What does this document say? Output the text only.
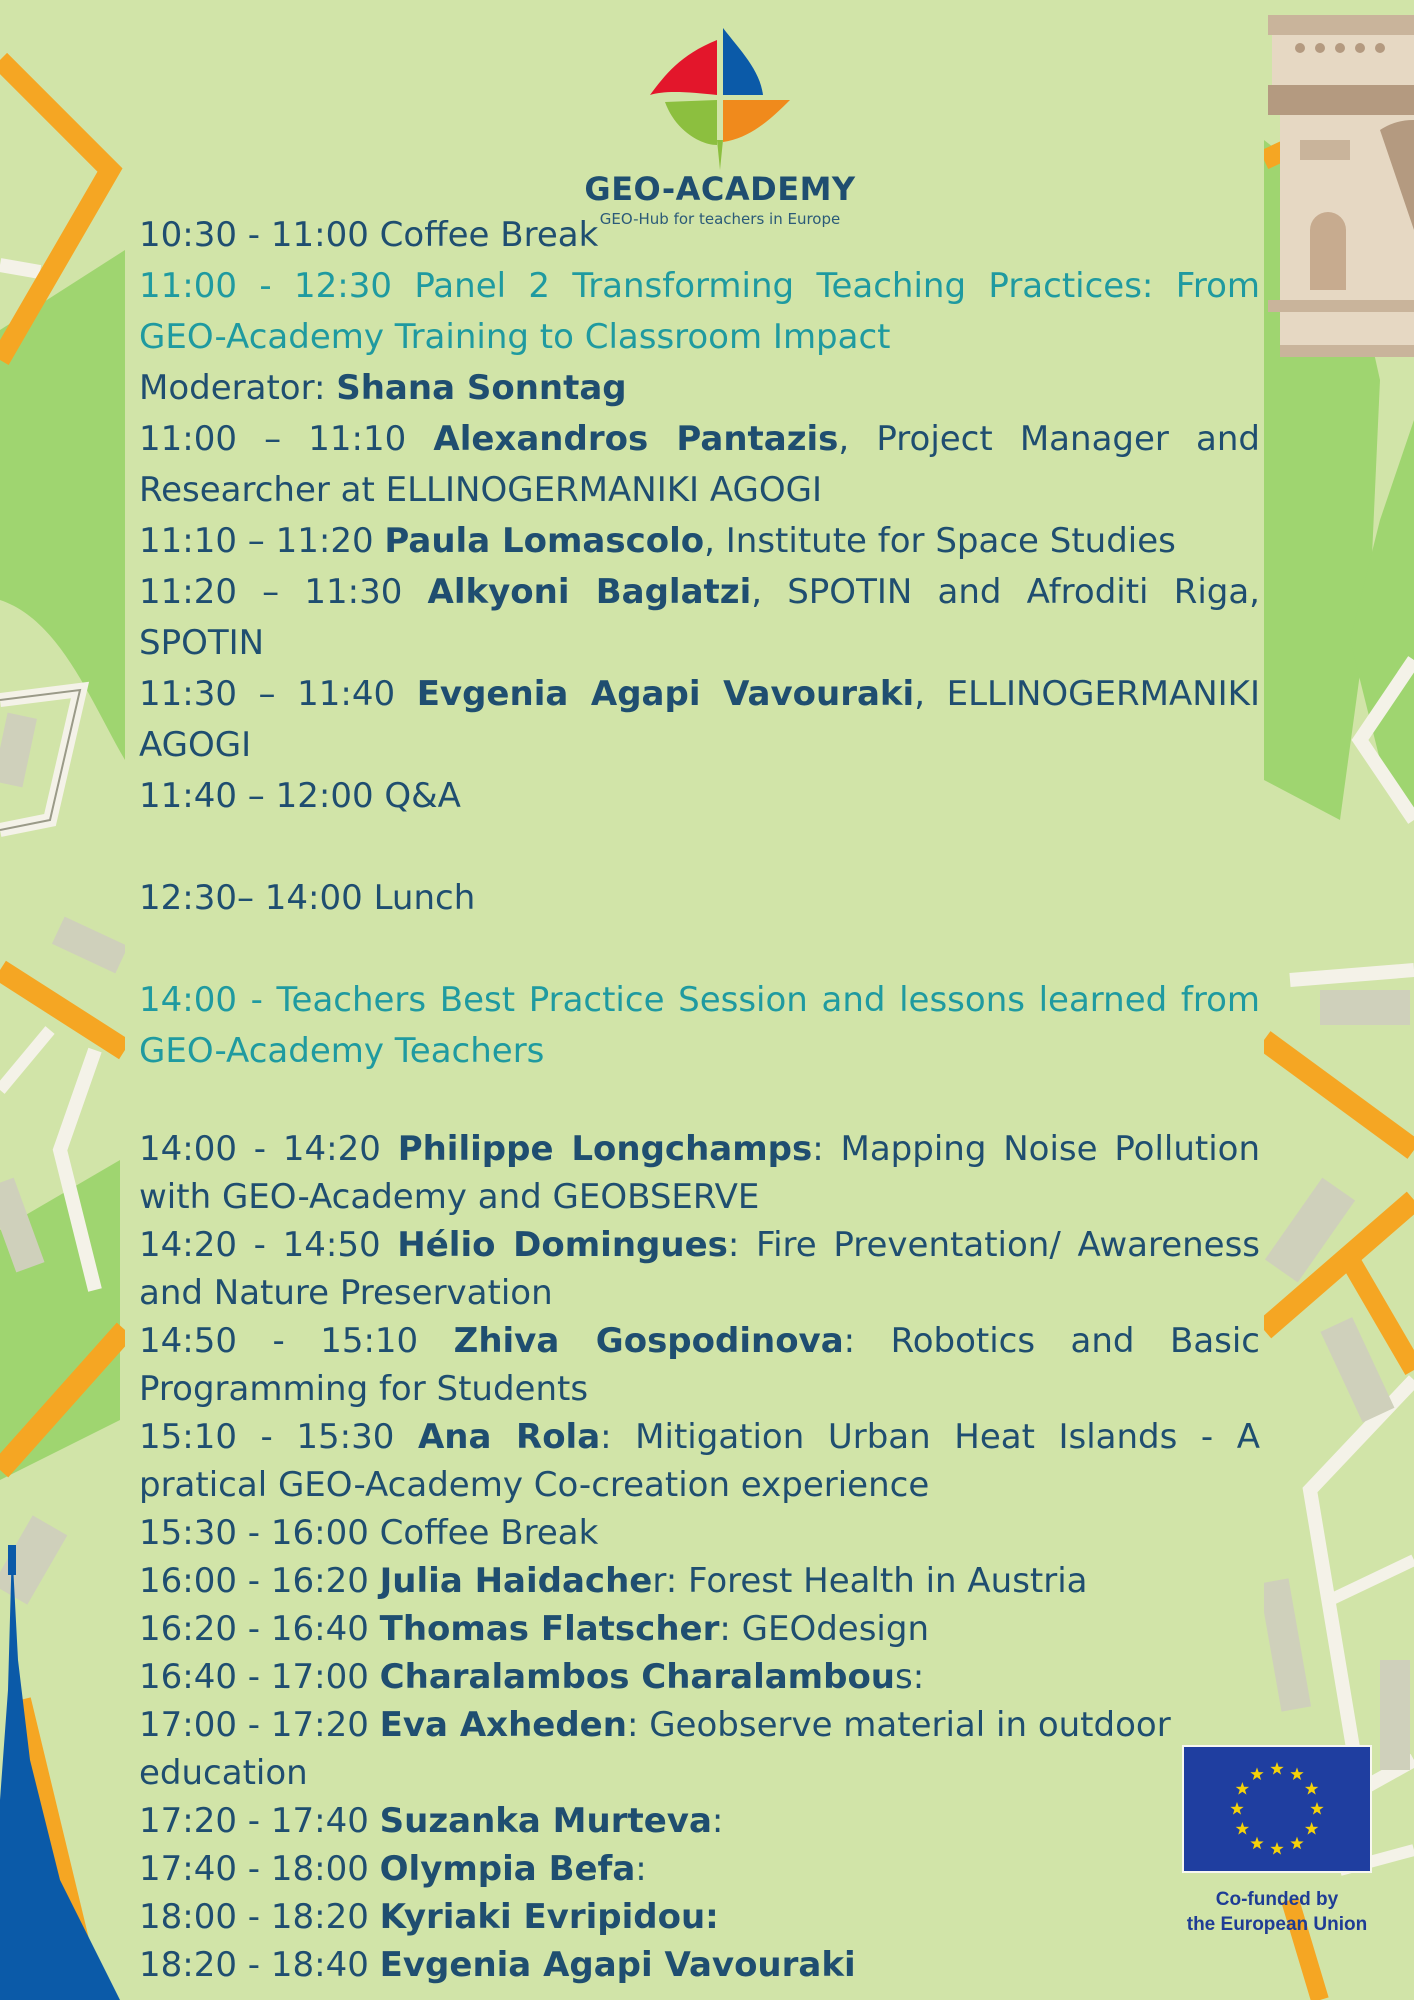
GEO-ACADEMY
GEO-Hub for teachers in Europe

10:30 - 11:00 Coffee Break

11:00 - 12:30 Panel 2 Transforming Teaching Practices: From GEO-Academy Training to Classroom Impact

Moderator: Shana Sonntag

11:00 – 11:10 Alexandros Pantazis, Project Manager and Researcher at ELLINOGERMANIKI AGOGI

11:10 – 11:20 Paula Lomascolo, Institute for Space Studies

11:20 – 11:30 Alkyoni Baglatzi, SPOTIN and Afroditi Riga, SPOTIN

11:30 – 11:40 Evgenia Agapi Vavouraki, ELLINOGERMANIKI AGOGI

11:40 – 12:00 Q&A

12:30– 14:00 Lunch

14:00 - Teachers Best Practice Session and lessons learned from GEO-Academy Teachers

14:00 - 14:20 Philippe Longchamps: Mapping Noise Pollution with GEO-Academy and GEOBSERVE

14:20 - 14:50 Hélio Domingues: Fire Preventation/ Awareness and Nature Preservation

14:50 - 15:10 Zhiva Gospodinova: Robotics and Basic Programming for Students

15:10 - 15:30 Ana Rola: Mitigation Urban Heat Islands - A pratical GEO-Academy Co-creation experience

15:30 - 16:00 Coffee Break

16:00 - 16:20 Julia Haidacher: Forest Health in Austria

16:20 - 16:40 Thomas Flatscher: GEOdesign

16:40 - 17:00 Charalambos Charalambous:

17:00 - 17:20 Eva Axheden: Geobserve material in outdoor education

17:20 - 17:40 Suzanka Murteva:

17:40 - 18:00 Olympia Befa:

18:00 - 18:20 Kyriaki Evripidou:

18:20 - 18:40 Evgenia Agapi Vavouraki

Co-funded by
the European Union
